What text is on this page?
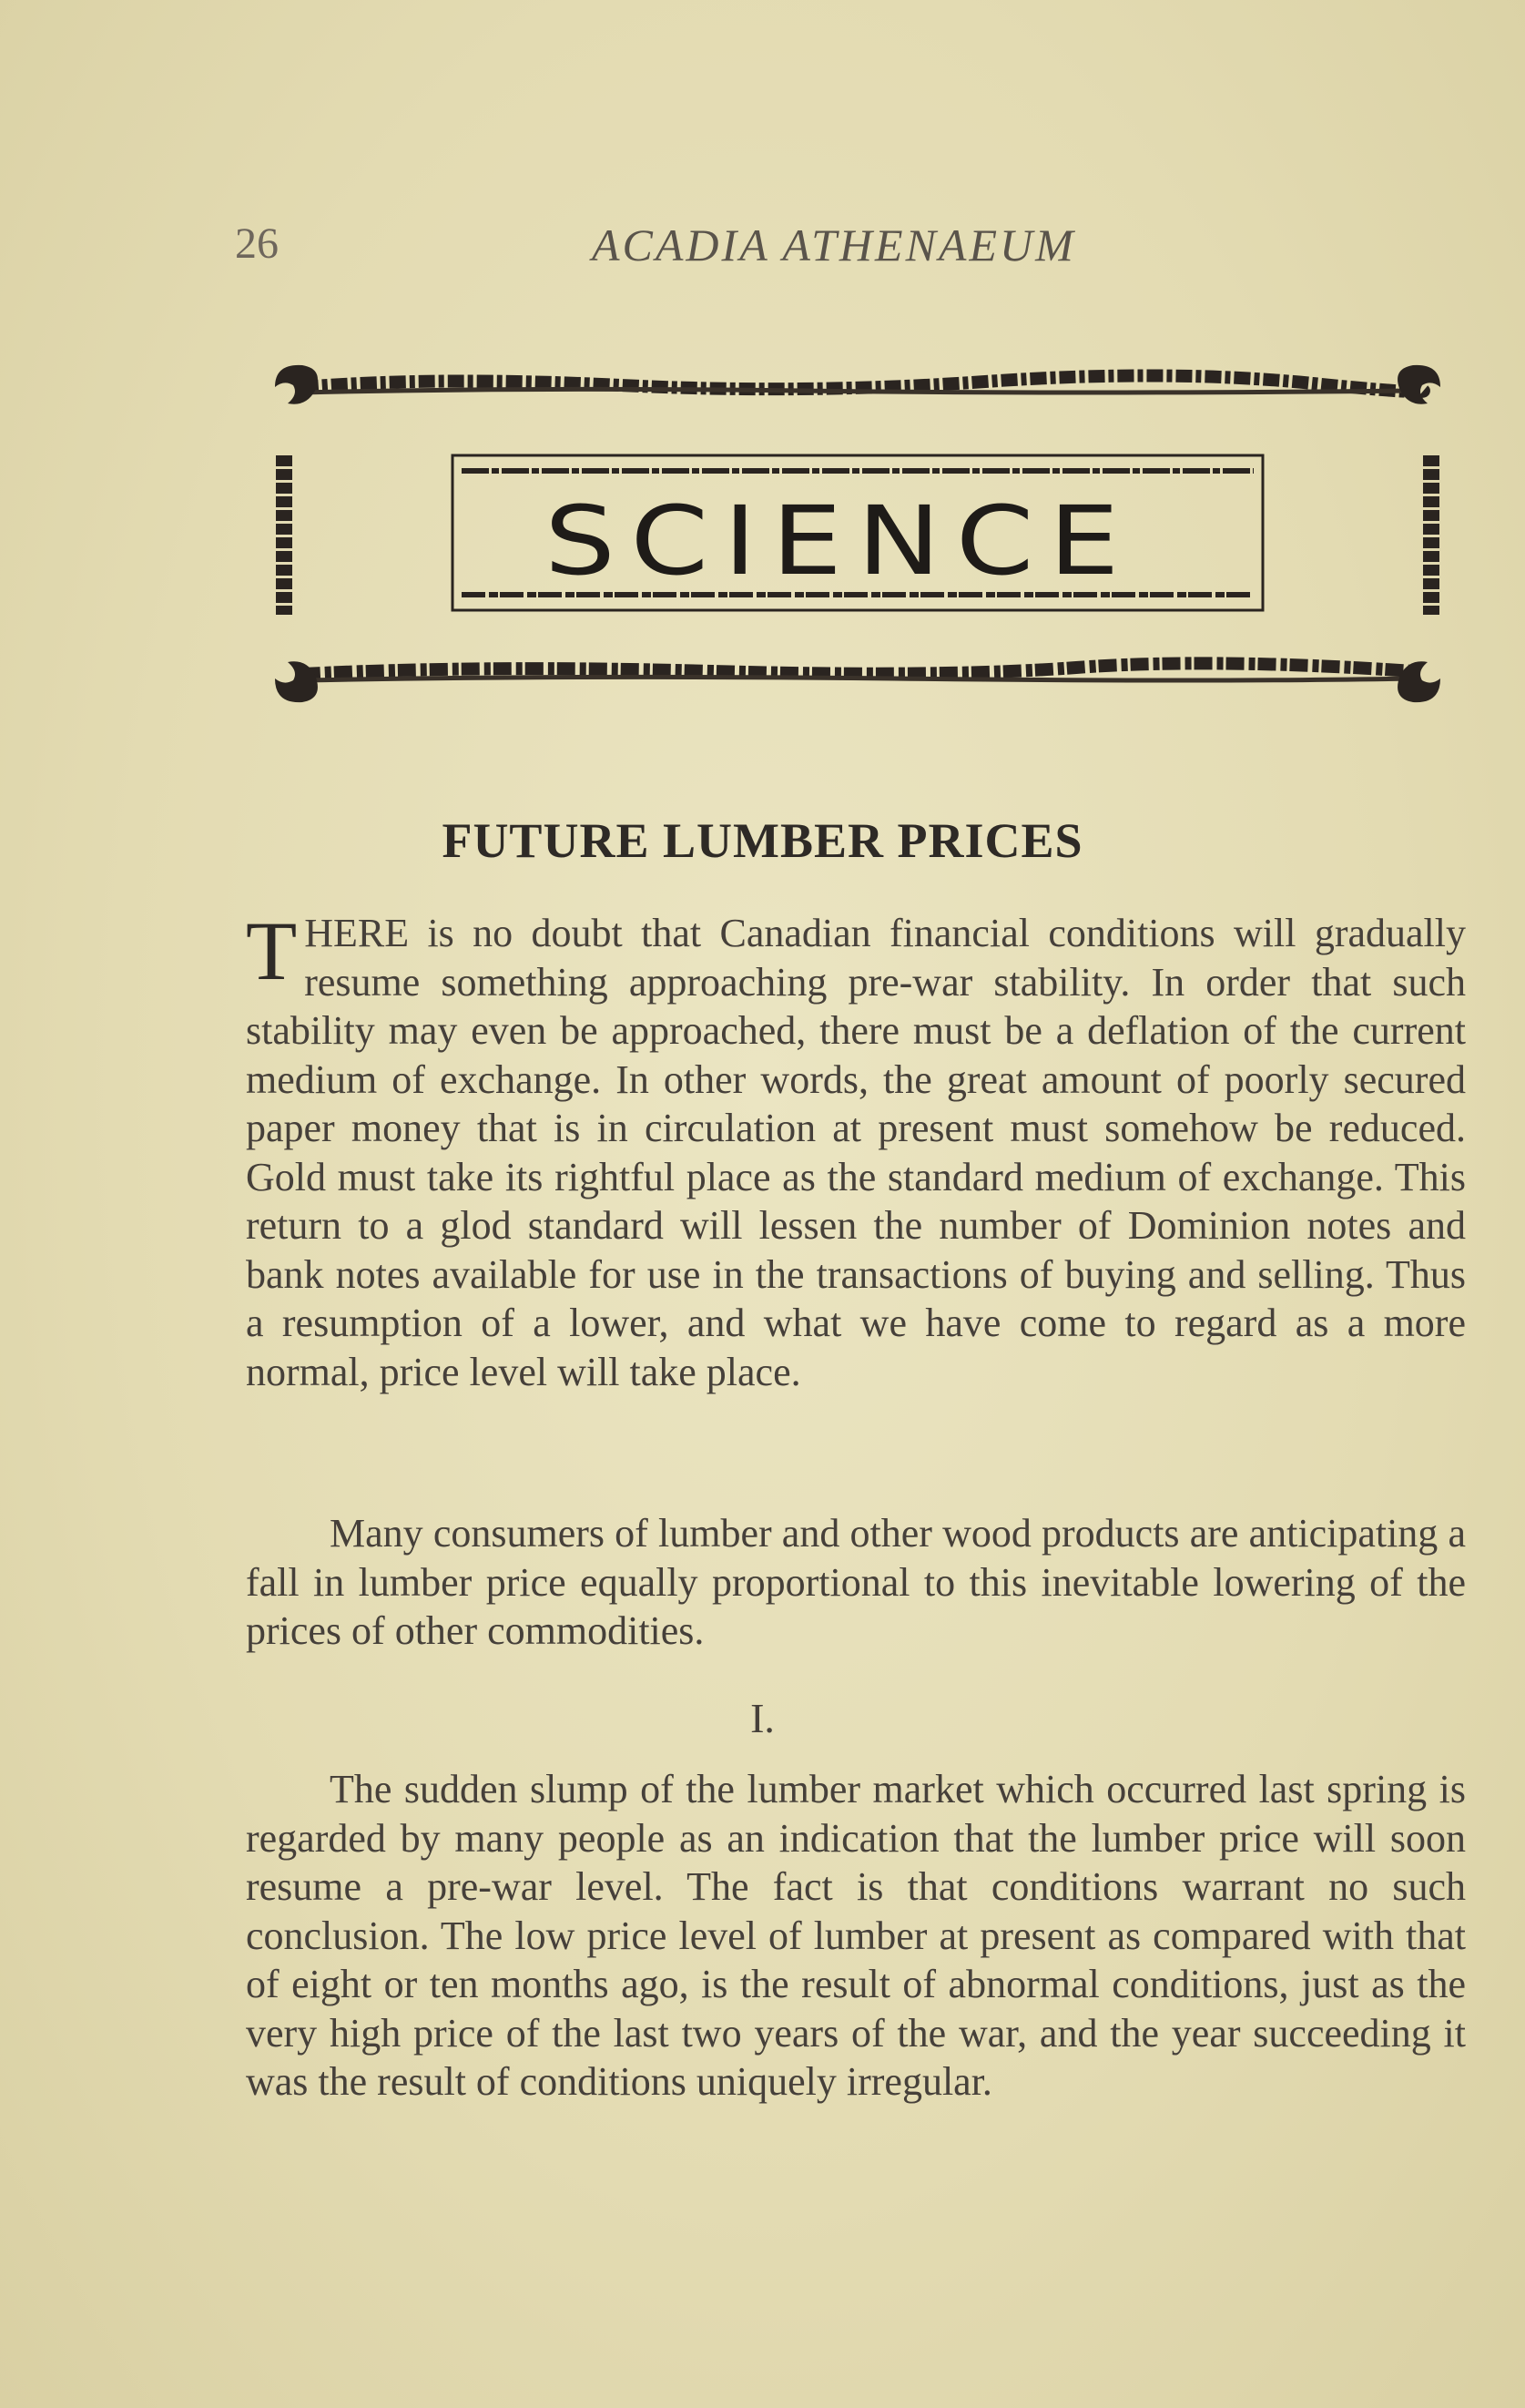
26	ACADIA ATHENAEUM
SCIENCE
FUTURE LUMBER PRICES
THERE is no doubt that Canadian financial conditions will gradually resume something approaching pre-war stability. In order that such stability may even be approached, there must be a deflation of the current medium of exchange. In other words, the great amount of poorly secured paper money that is in circulation at present must somehow be reduced. Gold must take its rightful place as the standard medium of exchange. This return to a glod standard will lessen the number of Dominion notes and bank notes available for use in the transactions of buying and selling. Thus a resumption of a lower, and what we have come to regard as a more normal, price level will take place.
Many consumers of lumber and other wood products are anticipating a fall in lumber price equally proportional to this inevitable lowering of the prices of other commodities.
I.
The sudden slump of the lumber market which occurred last spring is regarded by many people as an indication that the lumber price will soon resume a pre-war level. The fact is that conditions warrant no such conclusion. The low price level of lumber at present as compared with that of eight or ten months ago, is the result of abnormal conditions, just as the very high price of the last two years of the war, and the year succeeding it was the result of conditions uniquely irregular.
